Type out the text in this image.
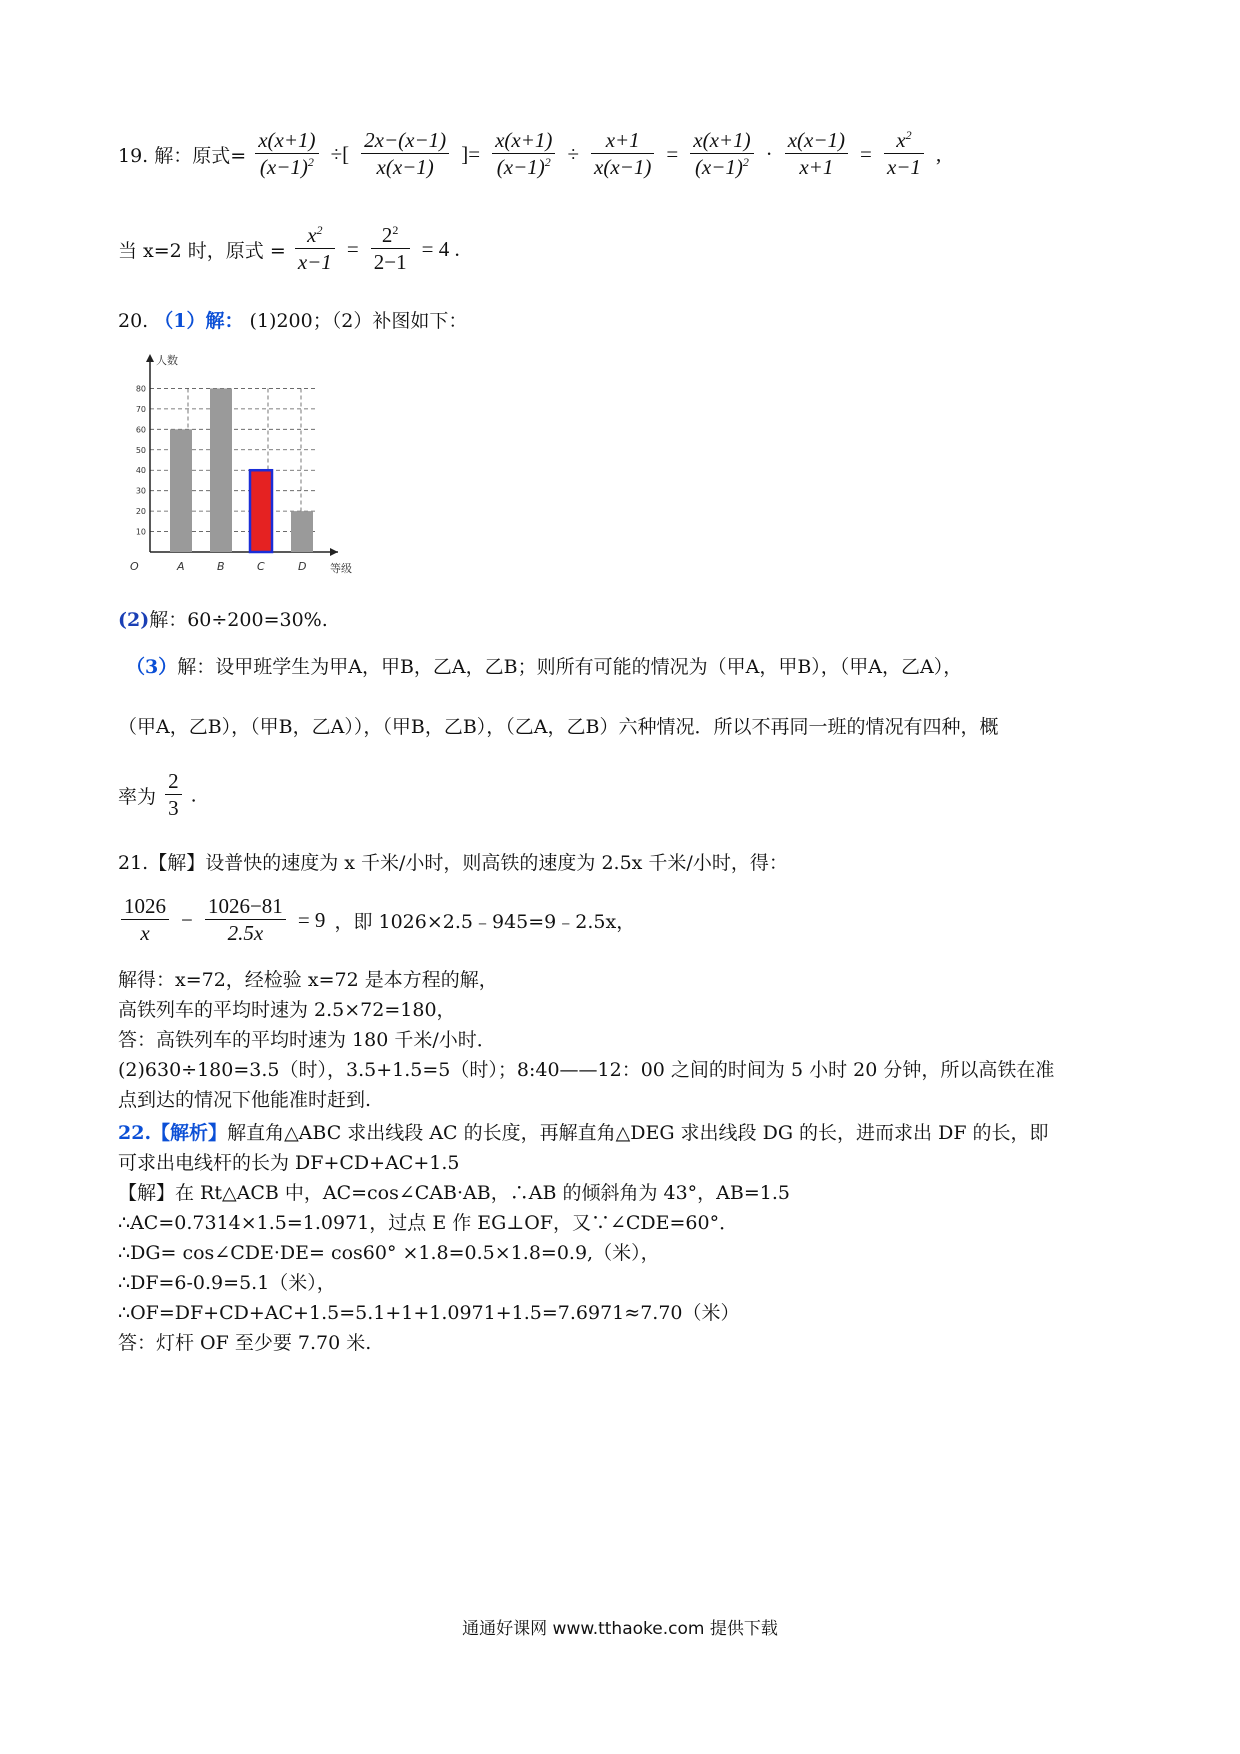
19. 解：原式= $\frac{x(x+1)}{(x-1)^2}$ ÷[ $\frac{2x-(x-1)}{x(x-1)}$ ]= $\frac{x(x+1)}{(x-1)^2} \div \frac{x+1}{x(x-1)} = \frac{x(x+1)}{(x-1)^2} \cdot \frac{x(x-1)}{x+1} = \frac{x^2}{x-1}$ ,
当 x=2 时，原式 = $\frac{x^2}{x-1} = \frac{2^2}{2-1} = 4$ .
20. （1）解： (1)200；（2）补图如下：
10
20
30
40
50
60
70
80
人数
等级
O	A	B	C	D
(2)解：60÷200=30%.
（3）解：设甲班学生为甲A，甲B，乙A，乙B；则所有可能的情况为（甲A，甲B），（甲A，乙A），
（甲A，乙B），（甲B，乙A）），（甲B，乙B），（乙A，乙B）六种情况．所以不再同一班的情况有四种，概
率为 $\frac{2}{3}$ .
21.【解】设普快的速度为 x 千米/小时，则高铁的速度为 2.5x 千米/小时，得：
$\frac{1026}{x} - \frac{1026-81}{2.5x} = 9$ ，即 1026×2.5﹣945=9﹣2.5x，
解得：x=72，经检验 x=72 是本方程的解，
高铁列车的平均时速为 2.5×72=180，
答：高铁列车的平均时速为 180 千米/小时．
(2)630÷180=3.5（时），3.5+1.5=5（时）；8:40——12：00 之间的时间为 5 小时 20 分钟，所以高铁在准
点到达的情况下他能准时赶到.
22.【解析】解直角△ABC 求出线段 AC 的长度，再解直角△DEG 求出线段 DG 的长，进而求出 DF 的长，即
可求出电线杆的长为 DF+CD+AC+1.5
【解】在 Rt△ACB 中，AC=cos∠CAB·AB，∴AB 的倾斜角为 43°，AB=1.5
∴AC=0.7314×1.5=1.0971，过点 E 作 EG⊥OF，又∵∠CDE=60°．
∴DG= cos∠CDE·DE= cos60° ×1.8=0.5×1.8=0.9,（米），
∴DF=6-0.9=5.1（米），
∴OF=DF+CD+AC+1.5=5.1+1+1.0971+1.5=7.6971≈7.70（米）
答：灯杆 OF 至少要 7.70 米.
通通好课网 www.tthaoke.com 提供下载
